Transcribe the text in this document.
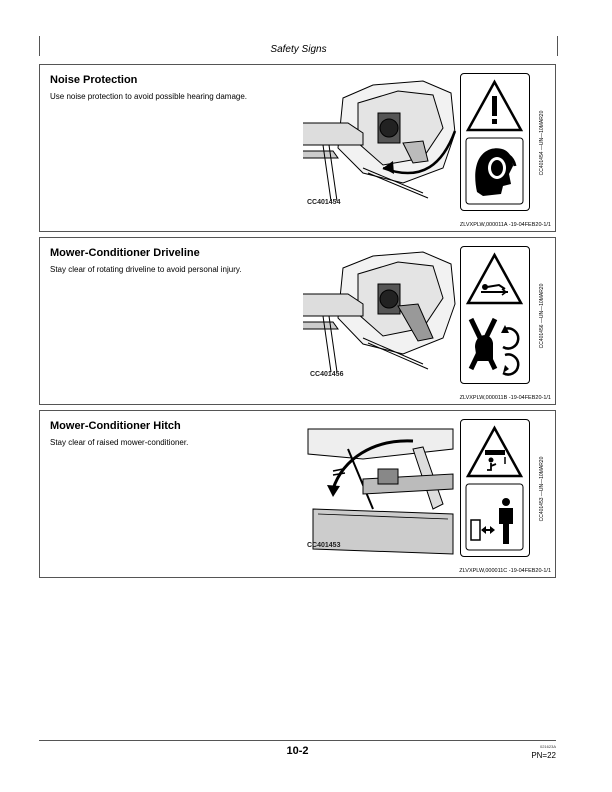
Safety Signs
Noise Protection
Use noise protection to avoid possible hearing damage.
CC401454
CC401454 —UN—10MAR20
ZLVXPLW,000011A -19-04FEB20-1/1
Mower-Conditioner Driveline
Stay clear of rotating driveline to avoid personal injury.
CC401456
CC401456 —UN—10MAR20
ZLVXPLW,000011B -19-04FEB20-1/1
Mower-Conditioner Hitch
Stay clear of raised mower-conditioner.
CC401453
CC401453 —UN—10MAR20
ZLVXPLW,000011C -19-04FEB20-1/1
10-2	021623A
PN=22
